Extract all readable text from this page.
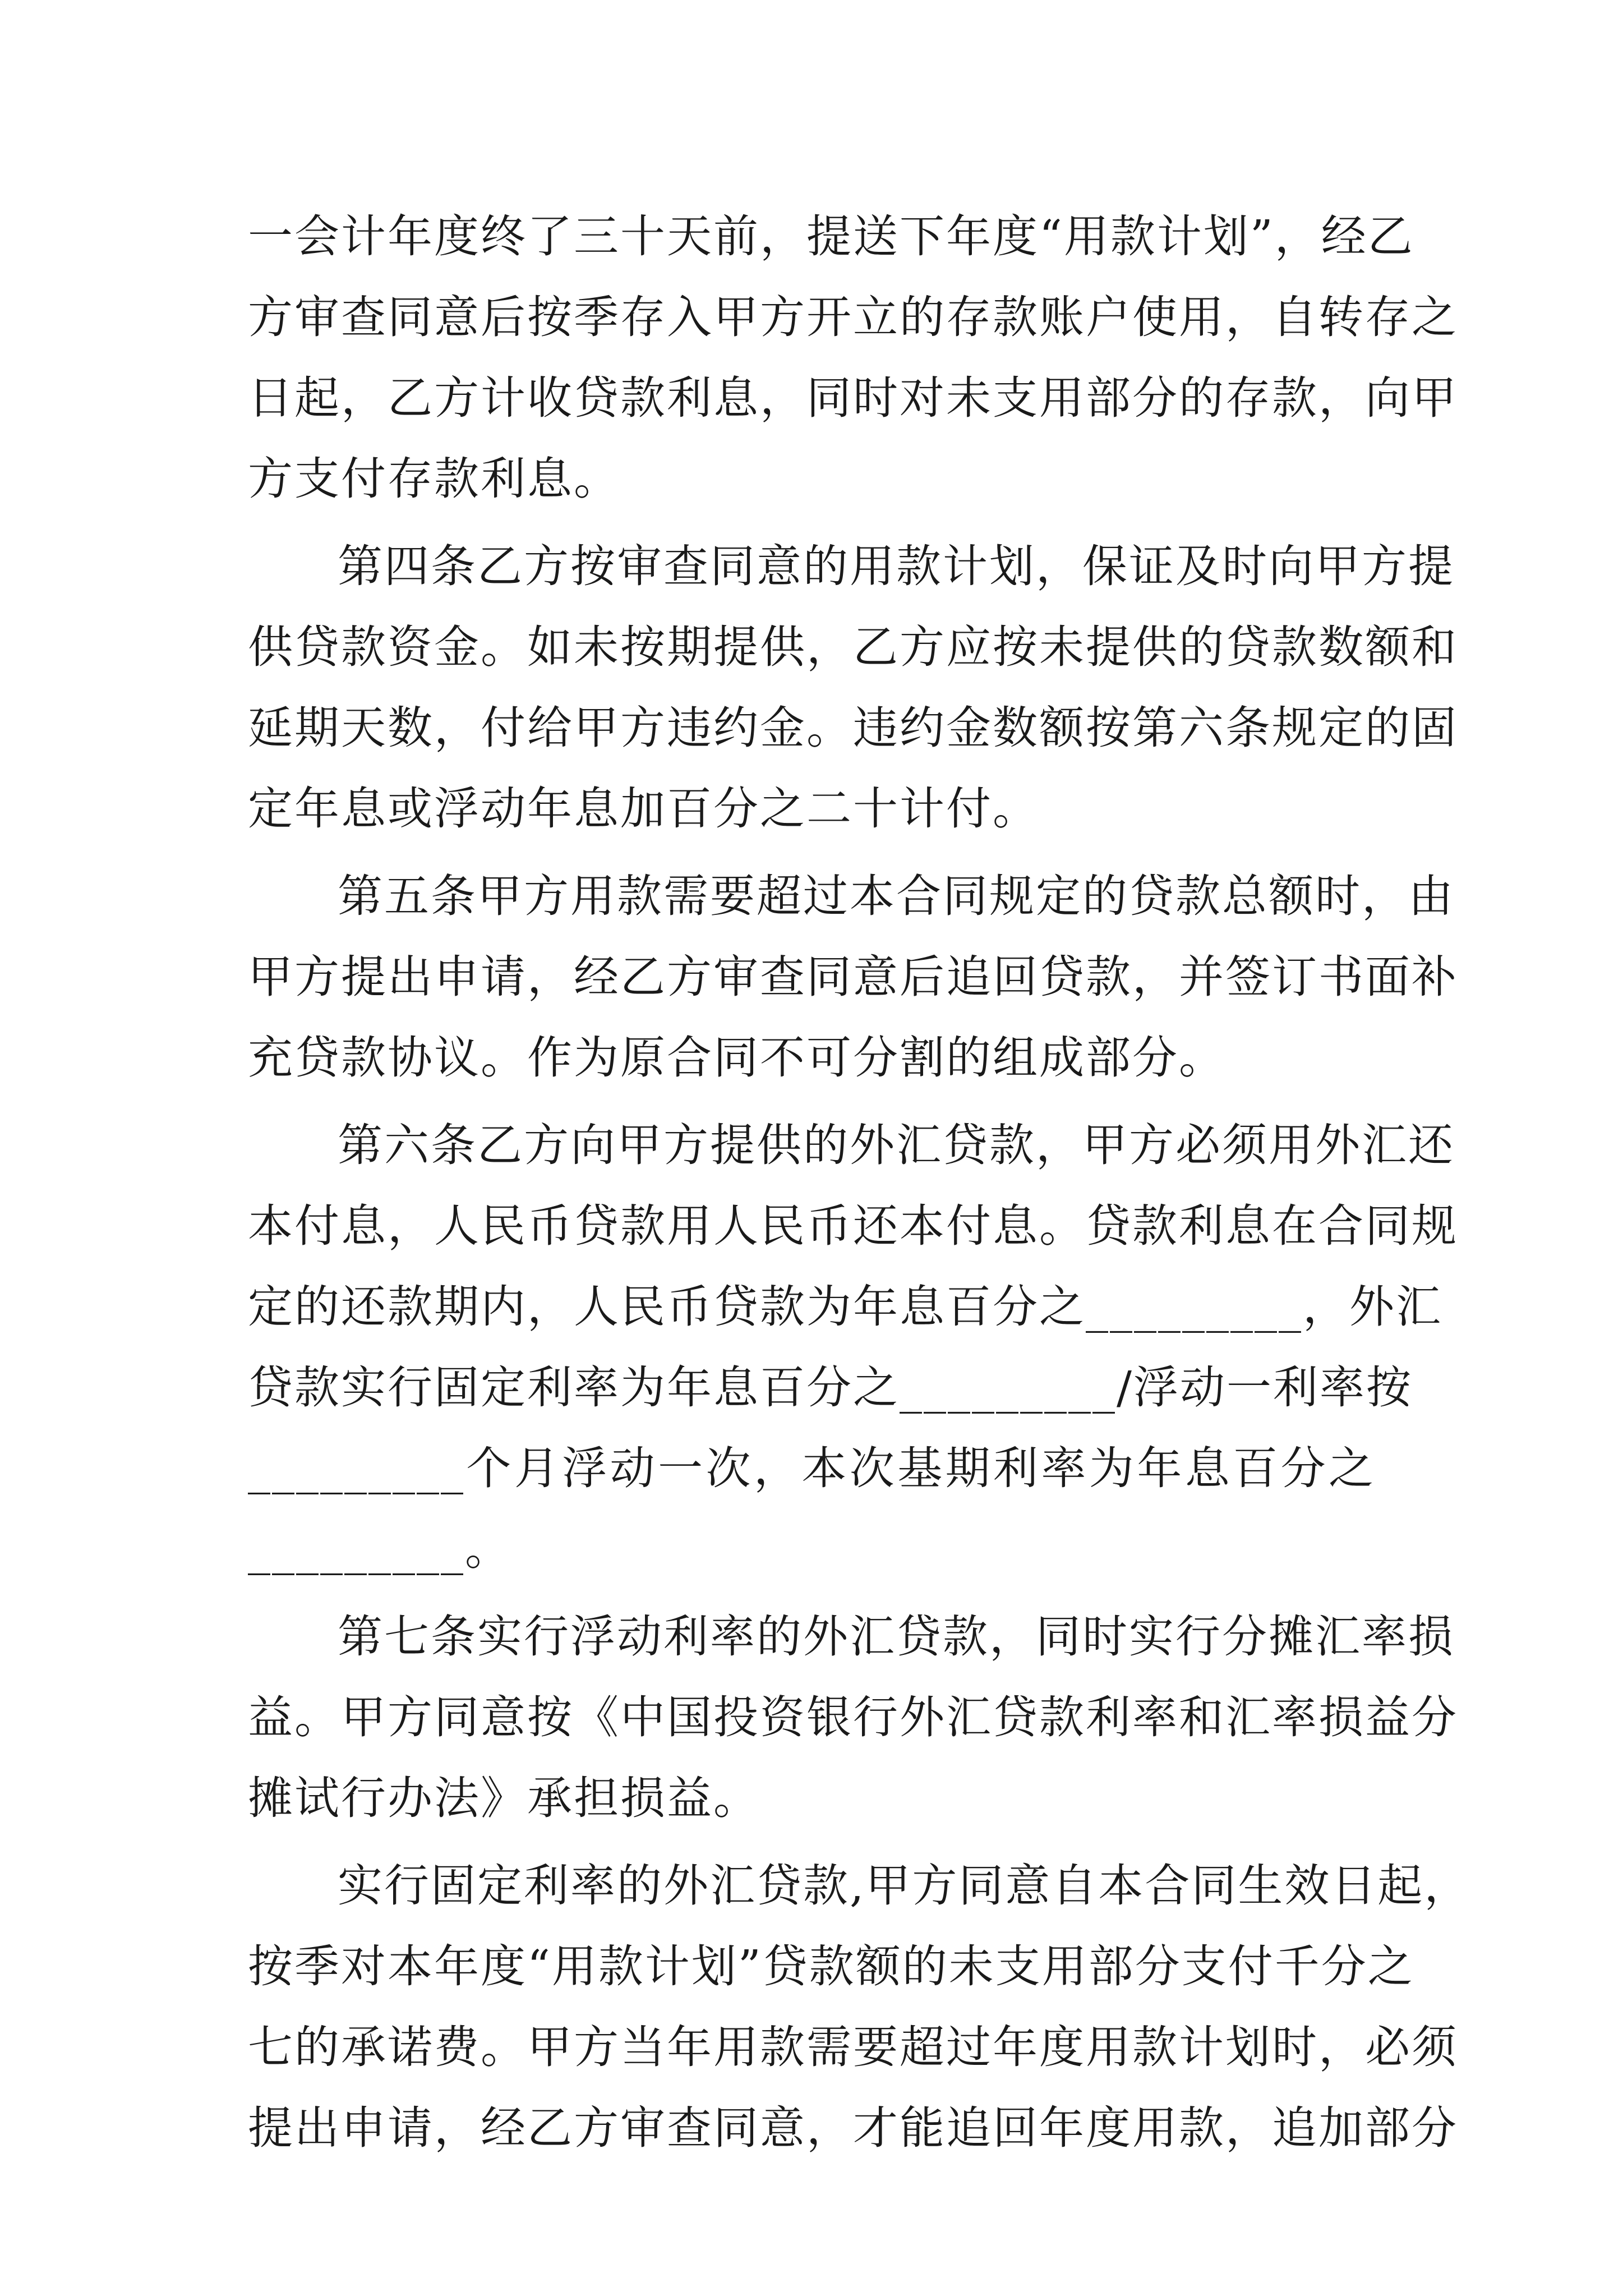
一会计年度终了三十天前，提送下年度“用款计划”，经乙
方审查同意后按季存入甲方开立的存款账户使用，自转存之
日起，乙方计收贷款利息，同时对未支用部分的存款，向甲
方支付存款利息。
第四条乙方按审查同意的用款计划，保证及时向甲方提
供贷款资金。如未按期提供，乙方应按未提供的贷款数额和
延期天数，付给甲方违约金。违约金数额按第六条规定的固
定年息或浮动年息加百分之二十计付。
第五条甲方用款需要超过本合同规定的贷款总额时，由
甲方提出申请，经乙方审查同意后追回贷款，并签订书面补
充贷款协议。作为原合同不可分割的组成部分。
第六条乙方向甲方提供的外汇贷款，甲方必须用外汇还
本付息，人民币贷款用人民币还本付息。贷款利息在合同规
定的还款期内，人民币贷款为年息百分之_________，外汇
贷款实行固定利率为年息百分之_________/浮动一利率按
_________个月浮动一次，本次基期利率为年息百分之
_________。
第七条实行浮动利率的外汇贷款，同时实行分摊汇率损
益。甲方同意按《中国投资银行外汇贷款利率和汇率损益分
摊试行办法》承担损益。
实行固定利率的外汇贷款,甲方同意自本合同生效日起，
按季对本年度“用款计划”贷款额的未支用部分支付千分之
七的承诺费。甲方当年用款需要超过年度用款计划时，必须
提出申请，经乙方审查同意，才能追回年度用款，追加部分
